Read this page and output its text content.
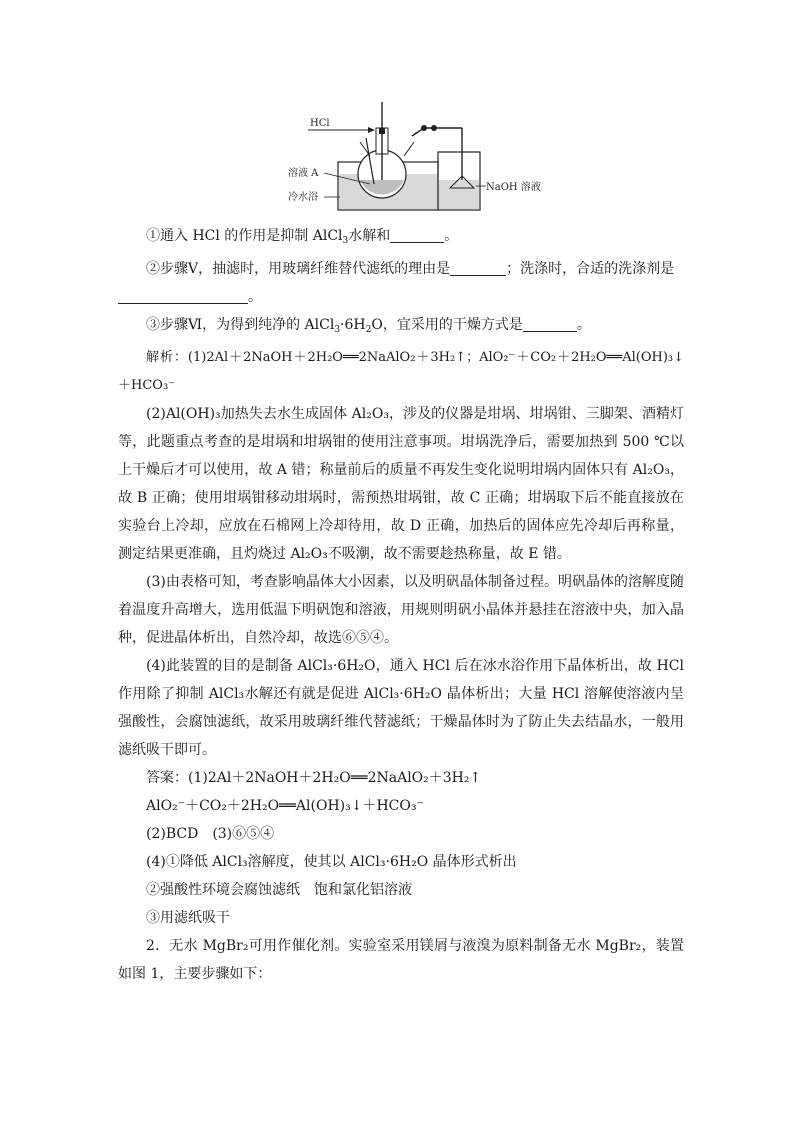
HCl
溶液 A
冷水浴
NaOH 溶液

①通入 HCl 的作用是抑制 AlCl$_3$水解和	。

②步骤Ⅴ，抽滤时，用玻璃纤维替代滤纸的理由是	；洗涤时，合适的洗涤剂是
。

③步骤Ⅵ，为得到纯净的 $AlCl_3\cdot 6H_2O$，宜采用的干燥方式是	。

解析：(1)2Al＋2NaOH＋2H₂O══2NaAlO₂＋3H₂↑；AlO₂⁻＋CO₂＋2H₂O══Al(OH)₃↓＋HCO₃⁻

(2)Al(OH)₃加热失去水生成固体 Al₂O₃，涉及的仪器是坩埚、坩埚钳、三脚架、酒精灯等，此题重点考查的是坩埚和坩埚钳的使用注意事项。坩埚洗净后，需要加热到 500 ℃以上干燥后才可以使用，故 A 错；称量前后的质量不再发生变化说明坩埚内固体只有 Al₂O₃，故 B 正确；使用坩埚钳移动坩埚时，需预热坩埚钳，故 C 正确；坩埚取下后不能直接放在实验台上冷却，应放在石棉网上冷却待用，故 D 正确，加热后的固体应先冷却后再称量，测定结果更准确，且灼烧过 Al₂O₃不吸潮，故不需要趁热称量，故 E 错。

(3)由表格可知，考查影响晶体大小因素，以及明矾晶体制备过程。明矾晶体的溶解度随着温度升高增大，选用低温下明矾饱和溶液，用规则明矾小晶体并悬挂在溶液中央，加入晶种，促进晶体析出，自然冷却，故选⑥⑤④。

(4)此装置的目的是制备 AlCl₃·6H₂O，通入 HCl 后在冰水浴作用下晶体析出，故 HCl 作用除了抑制 AlCl₃水解还有就是促进 AlCl₃·6H₂O 晶体析出；大量 HCl 溶解使溶液内呈强酸性，会腐蚀滤纸，故采用玻璃纤维代替滤纸；干燥晶体时为了防止失去结晶水，一般用滤纸吸干即可。

答案：(1)2Al＋2NaOH＋2H₂O══2NaAlO₂＋3H₂↑

AlO₂⁻＋CO₂＋2H₂O══Al(OH)₃↓＋HCO₃⁻

(2)BCD　(3)⑥⑤④

(4)①降低 AlCl₃溶解度，使其以 AlCl₃·6H₂O 晶体形式析出

②强酸性环境会腐蚀滤纸　饱和氯化铝溶液

③用滤纸吸干

2．无水 MgBr₂可用作催化剂。实验室采用镁屑与液溴为原料制备无水 MgBr₂，装置如图 1，主要步骤如下：
